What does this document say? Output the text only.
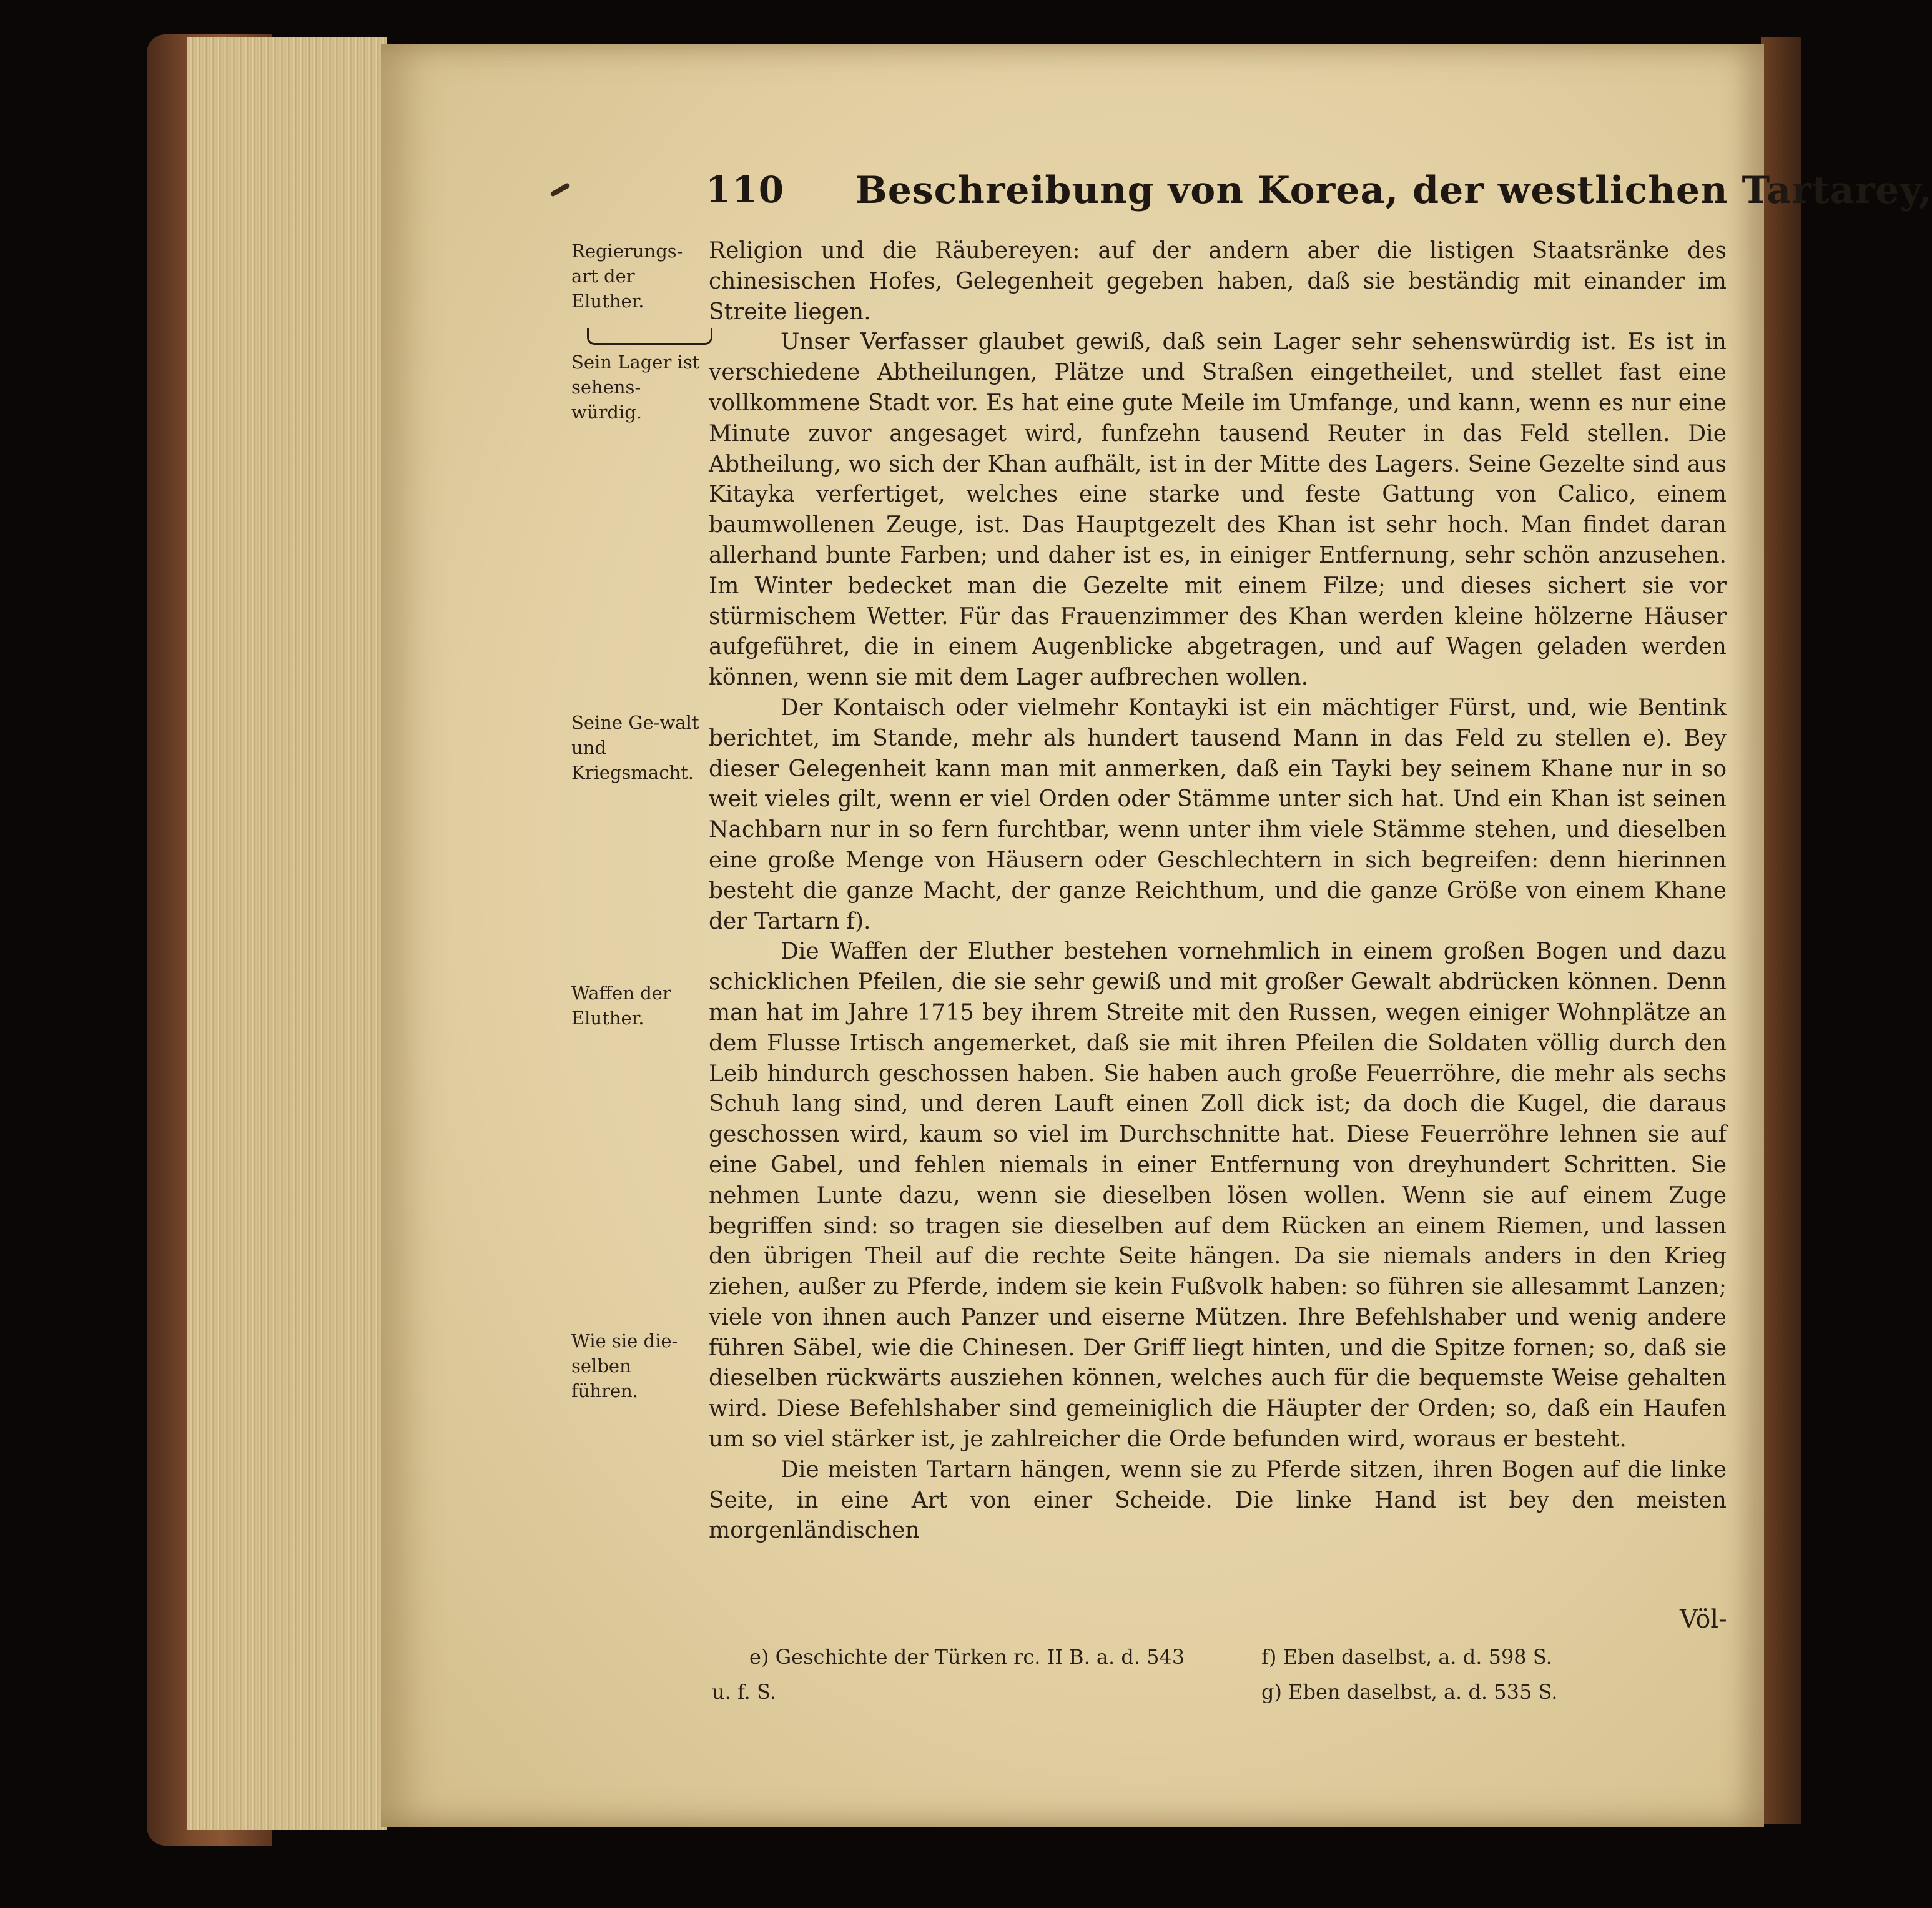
110 Beschreibung von Korea, der westlichen Tartarey,
Regierungs-art der Eluther.
Sein Lager ist sehens-würdig.
Seine Ge-walt und Kriegsmacht.
Waffen der Eluther.
Wie sie die-selben führen.

Religion und die Räubereyen: auf der andern aber die listigen Staatsränke des chinesischen Hofes, Gelegenheit gegeben haben, daß sie beständig mit einander im Streite liegen.

Unser Verfasser glaubet gewiß, daß sein Lager sehr sehenswürdig ist. Es ist in verschiedene Abtheilungen, Plätze und Straßen eingetheilet, und stellet fast eine vollkommene Stadt vor. Es hat eine gute Meile im Umfange, und kann, wenn es nur eine Minute zuvor angesaget wird, funfzehn tausend Reuter in das Feld stellen. Die Abtheilung, wo sich der Khan aufhält, ist in der Mitte des Lagers. Seine Gezelte sind aus Kitayka verfertiget, welches eine starke und feste Gattung von Calico, einem baumwollenen Zeuge, ist. Das Hauptgezelt des Khan ist sehr hoch. Man findet daran allerhand bunte Farben; und daher ist es, in einiger Entfernung, sehr schön anzusehen. Im Winter bedecket man die Gezelte mit einem Filze; und dieses sichert sie vor stürmischem Wetter. Für das Frauenzimmer des Khan werden kleine hölzerne Häuser aufgeführet, die in einem Augenblicke abgetragen, und auf Wagen geladen werden können, wenn sie mit dem Lager aufbrechen wollen.

Der Kontaisch oder vielmehr Kontayki ist ein mächtiger Fürst, und, wie Bentink berichtet, im Stande, mehr als hundert tausend Mann in das Feld zu stellen e). Bey dieser Gelegenheit kann man mit anmerken, daß ein Tayki bey seinem Khane nur in so weit vieles gilt, wenn er viel Orden oder Stämme unter sich hat. Und ein Khan ist seinen Nachbarn nur in so fern furchtbar, wenn unter ihm viele Stämme stehen, und dieselben eine große Menge von Häusern oder Geschlechtern in sich begreifen: denn hierinnen besteht die ganze Macht, der ganze Reichthum, und die ganze Größe von einem Khane der Tartarn f).

Die Waffen der Eluther bestehen vornehmlich in einem großen Bogen und dazu schicklichen Pfeilen, die sie sehr gewiß und mit großer Gewalt abdrücken können. Denn man hat im Jahre 1715 bey ihrem Streite mit den Russen, wegen einiger Wohnplätze an dem Flusse Irtisch angemerket, daß sie mit ihren Pfeilen die Soldaten völlig durch den Leib hindurch geschossen haben. Sie haben auch große Feuerröhre, die mehr als sechs Schuh lang sind, und deren Lauft einen Zoll dick ist; da doch die Kugel, die daraus geschossen wird, kaum so viel im Durchschnitte hat. Diese Feuerröhre lehnen sie auf eine Gabel, und fehlen niemals in einer Entfernung von dreyhundert Schritten. Sie nehmen Lunte dazu, wenn sie dieselben lösen wollen. Wenn sie auf einem Zuge begriffen sind: so tragen sie dieselben auf dem Rücken an einem Riemen, und lassen den übrigen Theil auf die rechte Seite hängen. Da sie niemals anders in den Krieg ziehen, außer zu Pferde, indem sie kein Fußvolk haben: so führen sie allesammt Lanzen; viele von ihnen auch Panzer und eiserne Mützen. Ihre Befehlshaber und wenig andere führen Säbel, wie die Chinesen. Der Griff liegt hinten, und die Spitze fornen; so, daß sie dieselben rückwärts ausziehen können, welches auch für die bequemste Weise gehalten wird. Diese Befehlshaber sind gemeiniglich die Häupter der Orden; so, daß ein Haufen um so viel stärker ist, je zahlreicher die Orde befunden wird, woraus er besteht.

Die meisten Tartarn hängen, wenn sie zu Pferde sitzen, ihren Bogen auf die linke Seite, in eine Art von einer Scheide. Die linke Hand ist bey den meisten morgenländischen

Völ-
e) Geschichte der Türken rc. II B. a. d. 543
u. f. S.
f) Eben daselbst, a. d. 598 S.
g) Eben daselbst, a. d. 535 S.
